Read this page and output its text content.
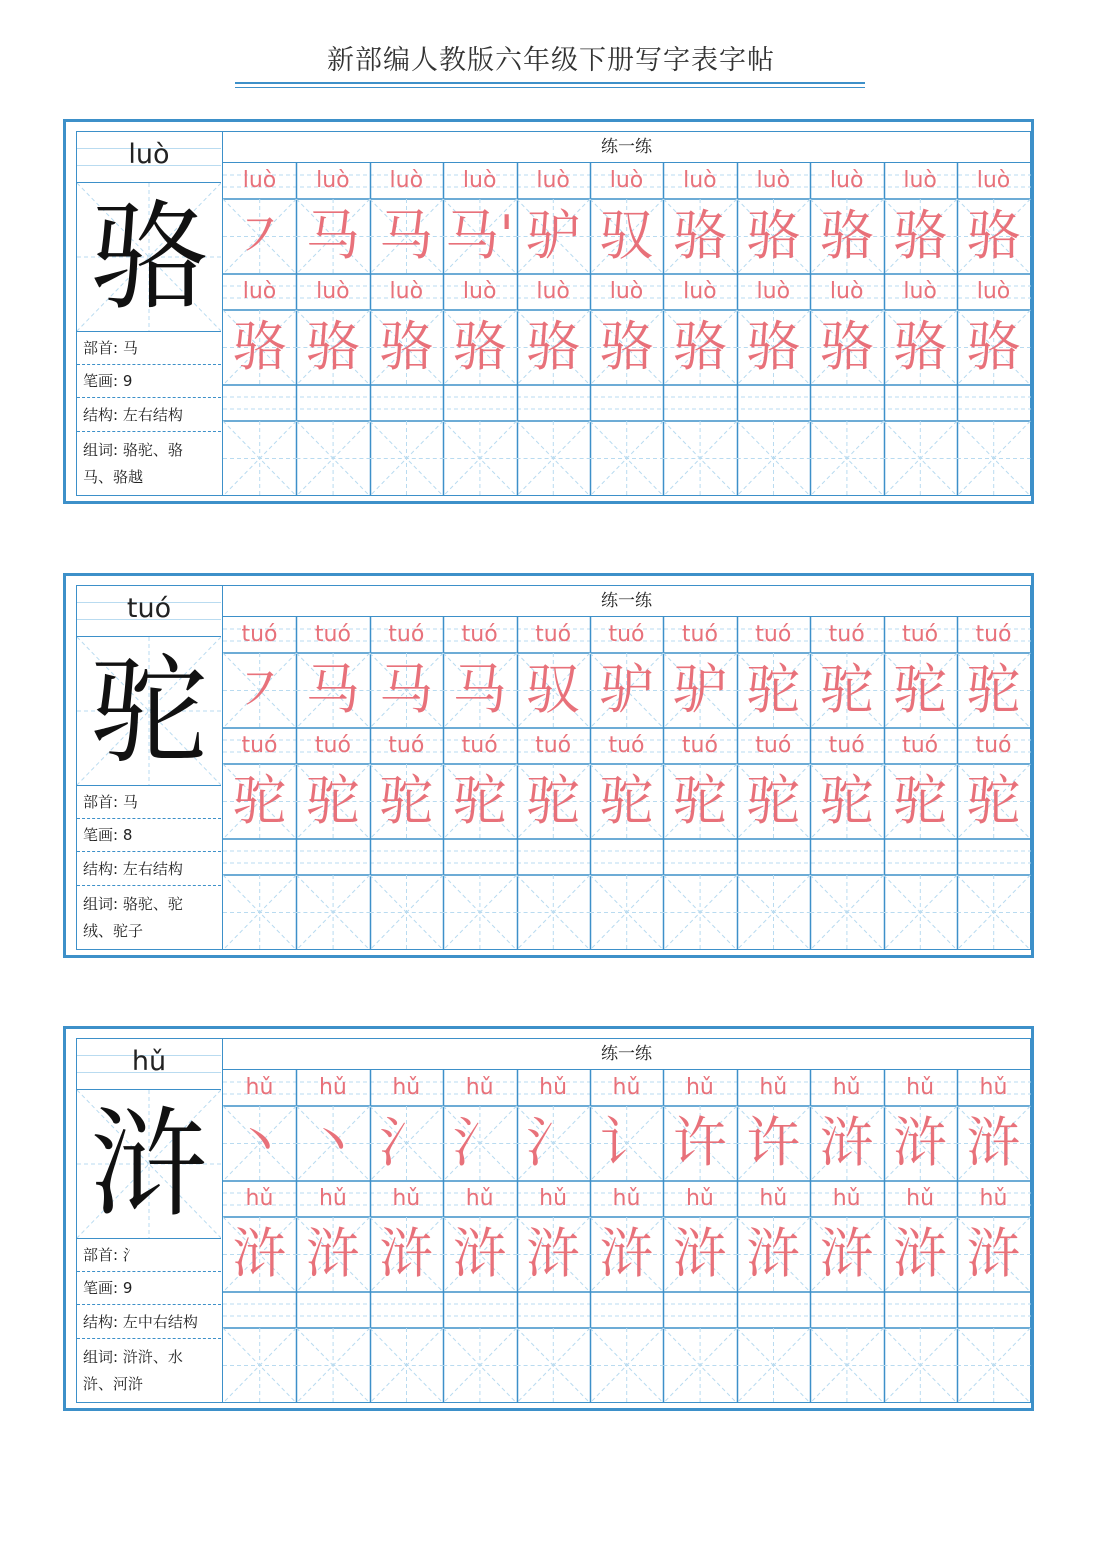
新部编人教版六年级下册写字表字帖
luò
骆
部首: 马
笔画: 9
结构: 左右结构
组词: 骆驼、骆
马、骆越
练一练
luò
㇇
luò
马
luò
马
luò
马'
luò
驴
luò
驭
luò
骆
luò
骆
luò
骆
luò
骆
luò
骆
luò
骆
luò
骆
luò
骆
luò
骆
luò
骆
luò
骆
luò
骆
luò
骆
luò
骆
luò
骆
luò
骆
tuó
驼
部首: 马
笔画: 8
结构: 左右结构
组词: 骆驼、驼
绒、驼子
练一练
tuó
㇇
tuó
马
tuó
马
tuó
马
tuó
驭
tuó
驴
tuó
驴
tuó
驼
tuó
驼
tuó
驼
tuó
驼
tuó
驼
tuó
驼
tuó
驼
tuó
驼
tuó
驼
tuó
驼
tuó
驼
tuó
驼
tuó
驼
tuó
驼
tuó
驼
hǔ
浒
部首: 氵
笔画: 9
结构: 左中右结构
组词: 浒浒、水
浒、河浒
练一练
hǔ
丶
hǔ
丶
hǔ
氵
hǔ
氵
hǔ
氵
hǔ
讠
hǔ
许
hǔ
许
hǔ
浒
hǔ
浒
hǔ
浒
hǔ
浒
hǔ
浒
hǔ
浒
hǔ
浒
hǔ
浒
hǔ
浒
hǔ
浒
hǔ
浒
hǔ
浒
hǔ
浒
hǔ
浒
